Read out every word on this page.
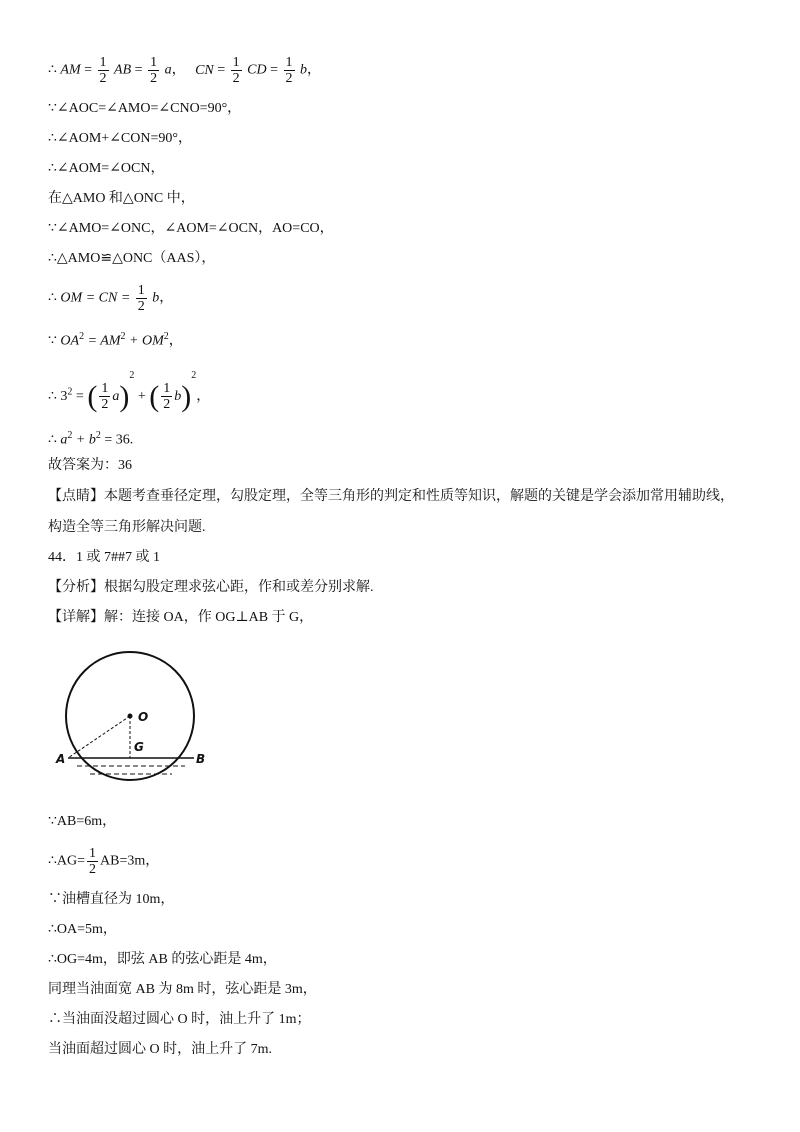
∴ AM = $\frac{1}{2}$ AB = $\frac{1}{2}$ a， CN = $\frac{1}{2}$ CD = $\frac{1}{2}$ b，
∵∠AOC=∠AMO=∠CNO=90°，
∴∠AOM+∠CON=90°，
∴∠AOM=∠OCN，
在△AMO 和△ONC 中，
∵∠AMO=∠ONC，∠AOM=∠OCN，AO=CO，
∴△AMO≌△ONC（AAS），
∴ OM = CN = $\frac{1}{2}$ b，
∵ $OA^2 = AM^2 + OM^2$，
∴ $3^2$ = ( $\frac{1}{2} a)^2$ + ( $\frac{1}{2} b)^2$，
∴ $a^2 + b^2 = 36$.
故答案为：36
【点睛】本题考查垂径定理，勾股定理，全等三角形的判定和性质等知识，解题的关键是学会添加常用辅助线，
构造全等三角形解决问题.
44．1 或 7##7 或 1
【分析】根据勾股定理求弦心距，作和或差分别求解.
【详解】解：连接 OA，作 OG⊥AB 于 G，
O
G
A	B
∵AB=6m，
∴AG= $\frac{1}{2} AB=3m$，
∵油槽直径为 10m，
∴OA=5m，
∴OG=4m，即弦 AB 的弦心距是 4m，
同理当油面宽 AB 为 8m 时，弦心距是 3m，
∴当油面没超过圆心 O 时，油上升了 1m；
当油面超过圆心 O 时，油上升了 7m.
